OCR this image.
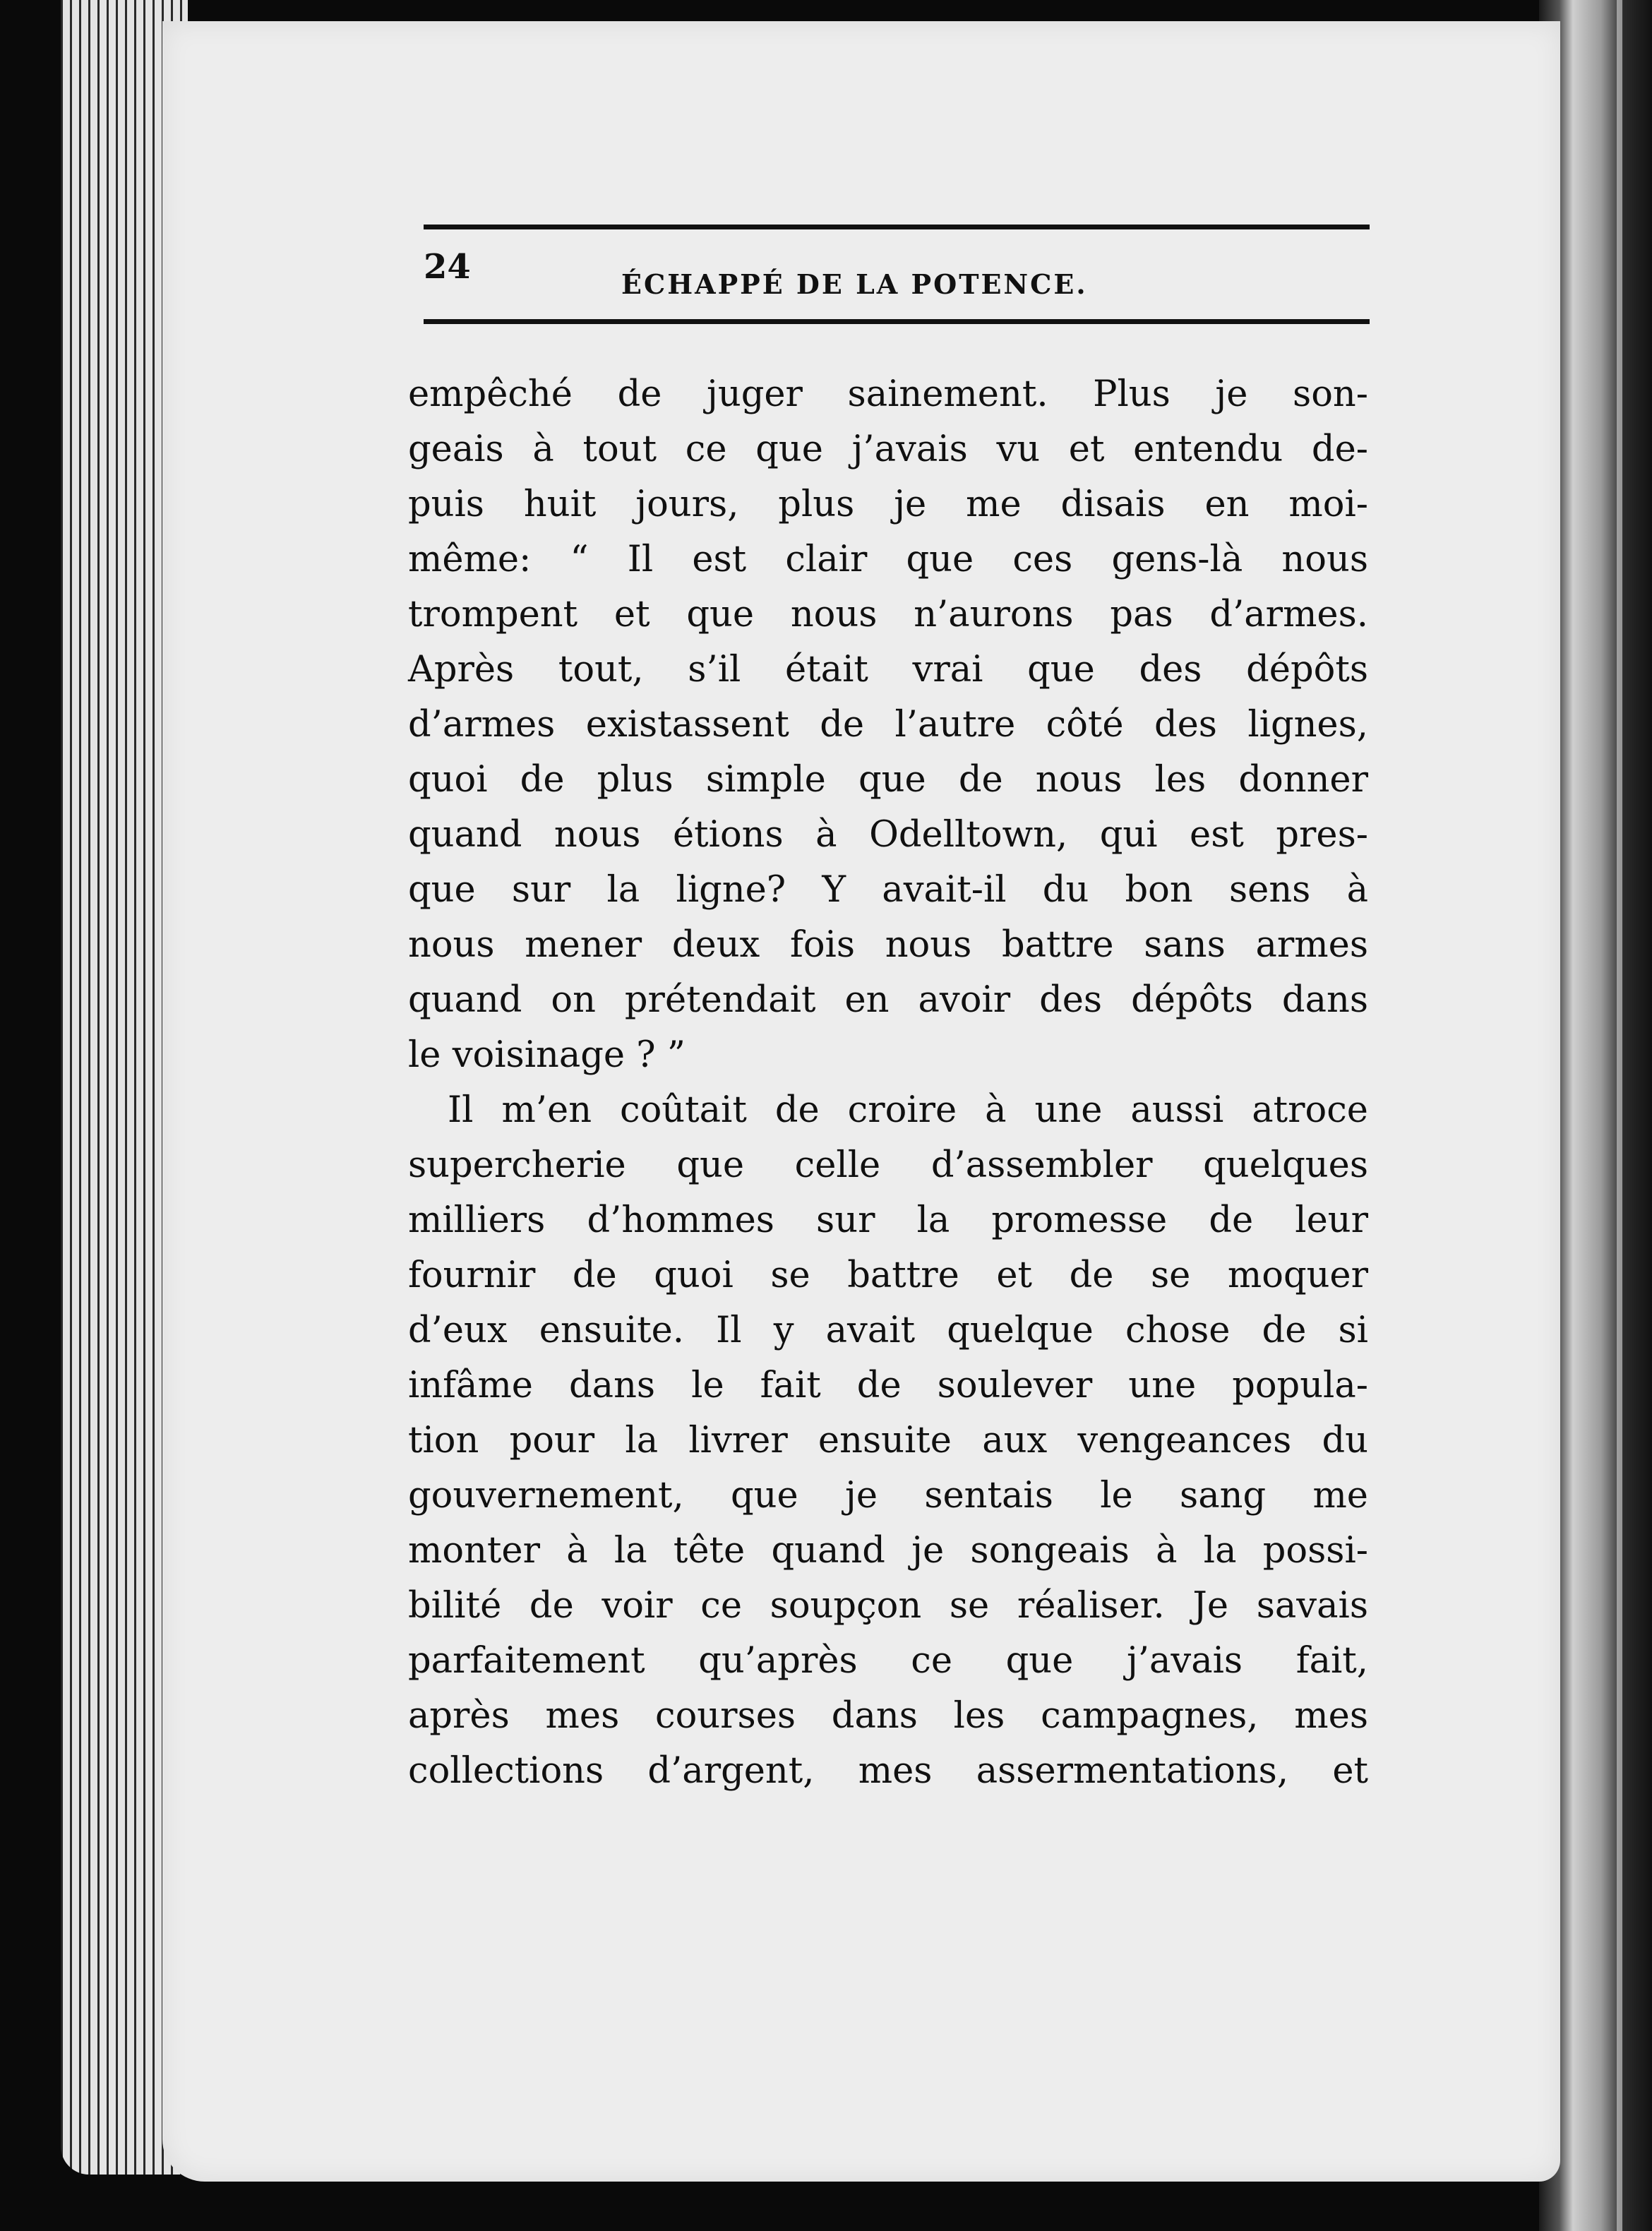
24	ÉCHAPPÉ DE LA POTENCE.
empêché de juger sainement. Plus je son-
geais à tout ce que j’avais vu et entendu de-
puis huit jours, plus je me disais en moi-
même: “ Il est clair que ces gens-là nous
trompent et que nous n’aurons pas d’armes.
Après tout, s’il était vrai que des dépôts
d’armes existassent de l’autre côté des lignes,
quoi de plus simple que de nous les donner
quand nous étions à Odelltown, qui est pres-
que sur la ligne? Y avait-il du bon sens à
nous mener deux fois nous battre sans armes
quand on prétendait en avoir des dépôts dans
le voisinage ? ”
Il m’en coûtait de croire à une aussi atroce
supercherie que celle d’assembler quelques
milliers d’hommes sur la promesse de leur
fournir de quoi se battre et de se moquer
d’eux ensuite. Il y avait quelque chose de si
infâme dans le fait de soulever une popula-
tion pour la livrer ensuite aux vengeances du
gouvernement, que je sentais le sang me
monter à la tête quand je songeais à la possi-
bilité de voir ce soupçon se réaliser. Je savais
parfaitement qu’après ce que j’avais fait,
après mes courses dans les campagnes, mes
collections d’argent, mes assermentations, et
